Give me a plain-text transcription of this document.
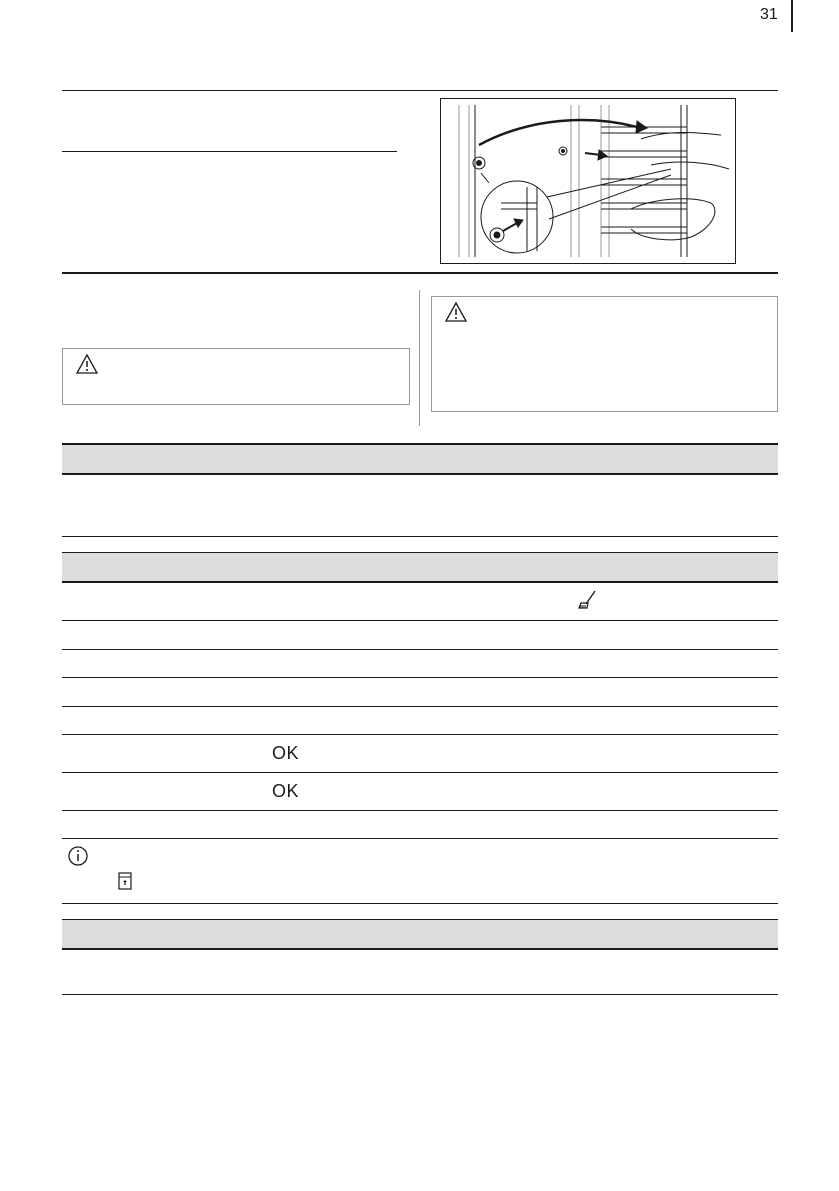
31
OK
OK
